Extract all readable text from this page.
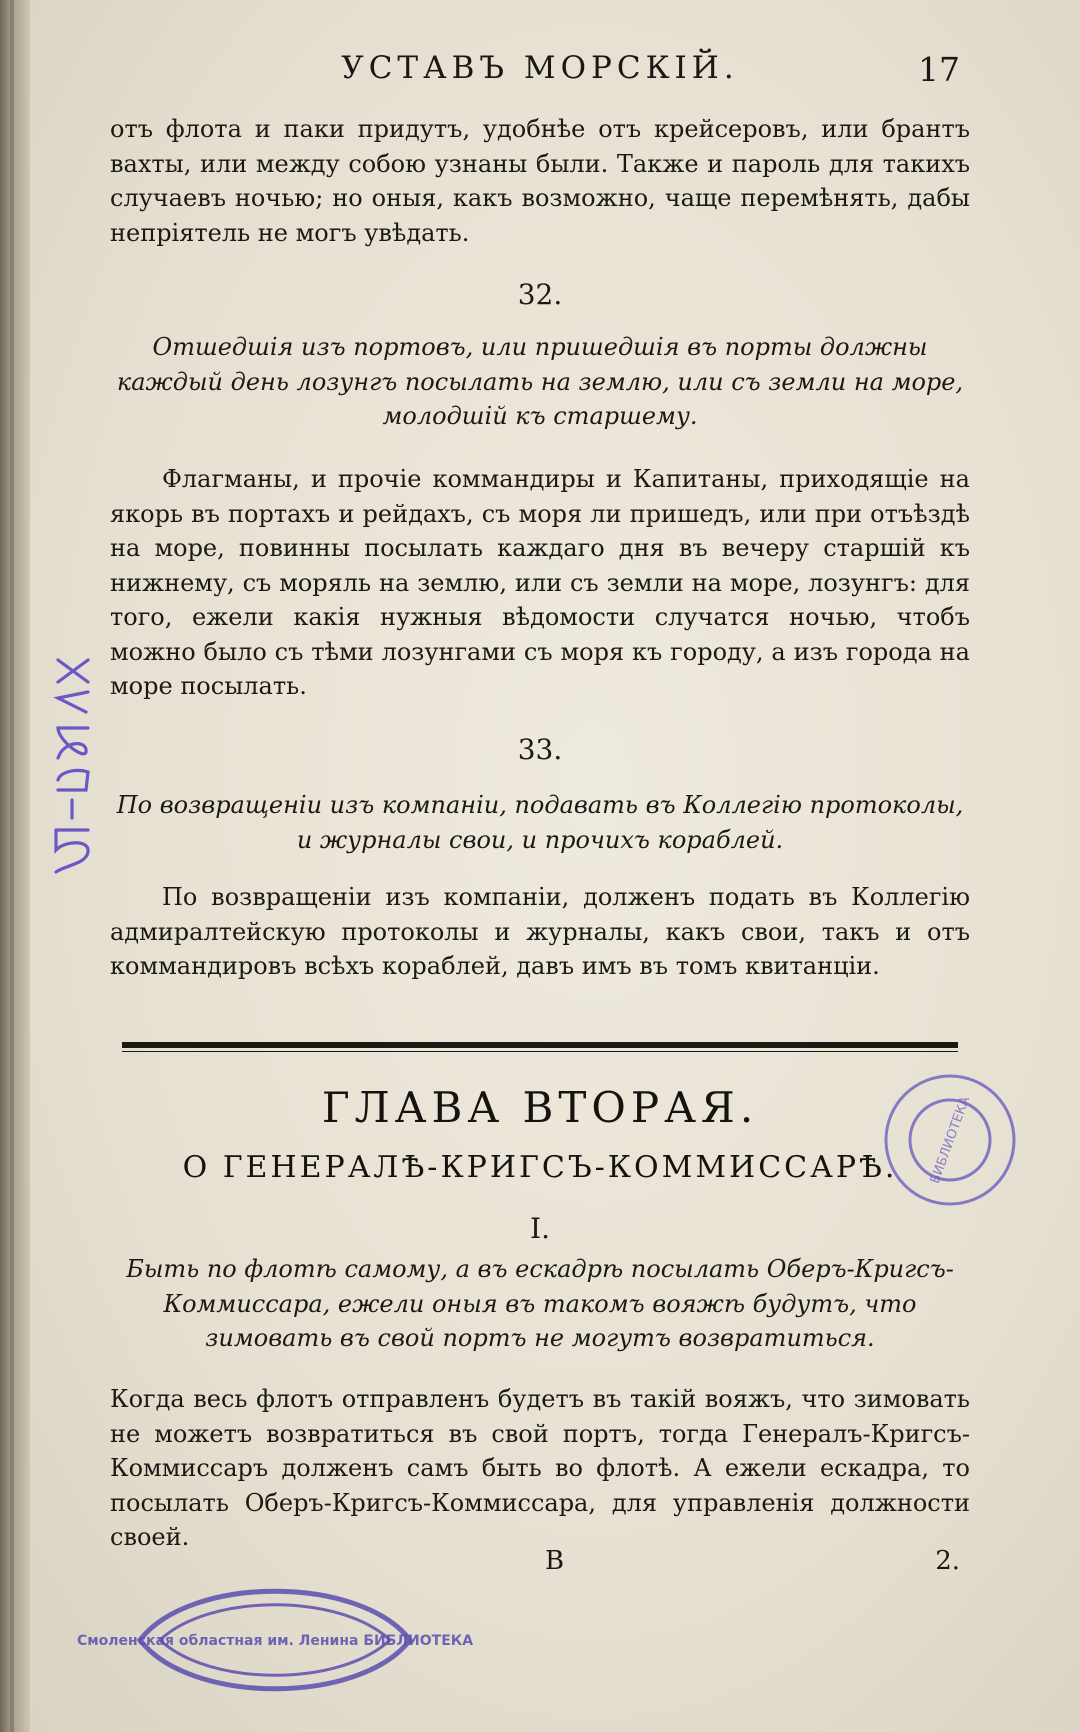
УСТАВЪ МОРСКІЙ.	17

отъ флота и паки придутъ, удобнѣе отъ крейсеровъ, или брантъ вахты, или между собою узнаны были. Также и пароль для такихъ случаевъ ночью; но оныя, какъ возможно, чаще перемѣнять, дабы непріятель не могъ увѣдать.

32.

Отшедшія изъ портовъ, или пришедшія въ порты должны каждый день лозунгъ посылать на землю, или съ земли на море, молодшій къ старшему.

Флагманы, и прочіе коммандиры и Капитаны, приходящіе на якорь въ портахъ и рейдахъ, съ моря ли пришедъ, или при отъѣздѣ на море, повинны посылать каждаго дня въ вечеру старшій къ нижнему, съ моряль на землю, или съ земли на море, лозунгъ: для того, ежели какія нужныя вѣдомости случатся ночью, чтобъ можно было съ тѣми лозунгами съ моря къ городу, а изъ города на море посылать.

33.

По возвращеніи изъ компаніи, подавать въ Коллегію протоколы, и журналы свои, и прочихъ кораблей.

По возвращеніи изъ компаніи, долженъ подать въ Коллегію адмиралтейскую протоколы и журналы, какъ свои, такъ и отъ коммандировъ всѣхъ кораблей, давъ имъ въ томъ квитанціи.

ГЛАВА ВТОРАЯ.
О ГЕНЕРАЛѢ-КРИГСЪ-КОММИССАРѢ.

I.

Быть по флотѣ самому, а въ ескадрѣ посылать Оберъ-Кригсъ-Коммиссара, ежели оныя въ такомъ вояжѣ будутъ, что зимовать въ свой портъ не могутъ возвратиться.

Когда весь флотъ отправленъ будетъ въ такій вояжъ, что зимовать не можетъ возвратиться въ свой портъ, тогда Генералъ-Кригсъ-Коммиссаръ долженъ самъ быть во флотѣ. А ежели ескадра, то посылать Оберъ-Кригсъ-Коммиссара, для управленія должности своей.

В	2.
БИБЛИОТЕКА
Смоленская областная им. Ленина БИБЛИОТЕКА
